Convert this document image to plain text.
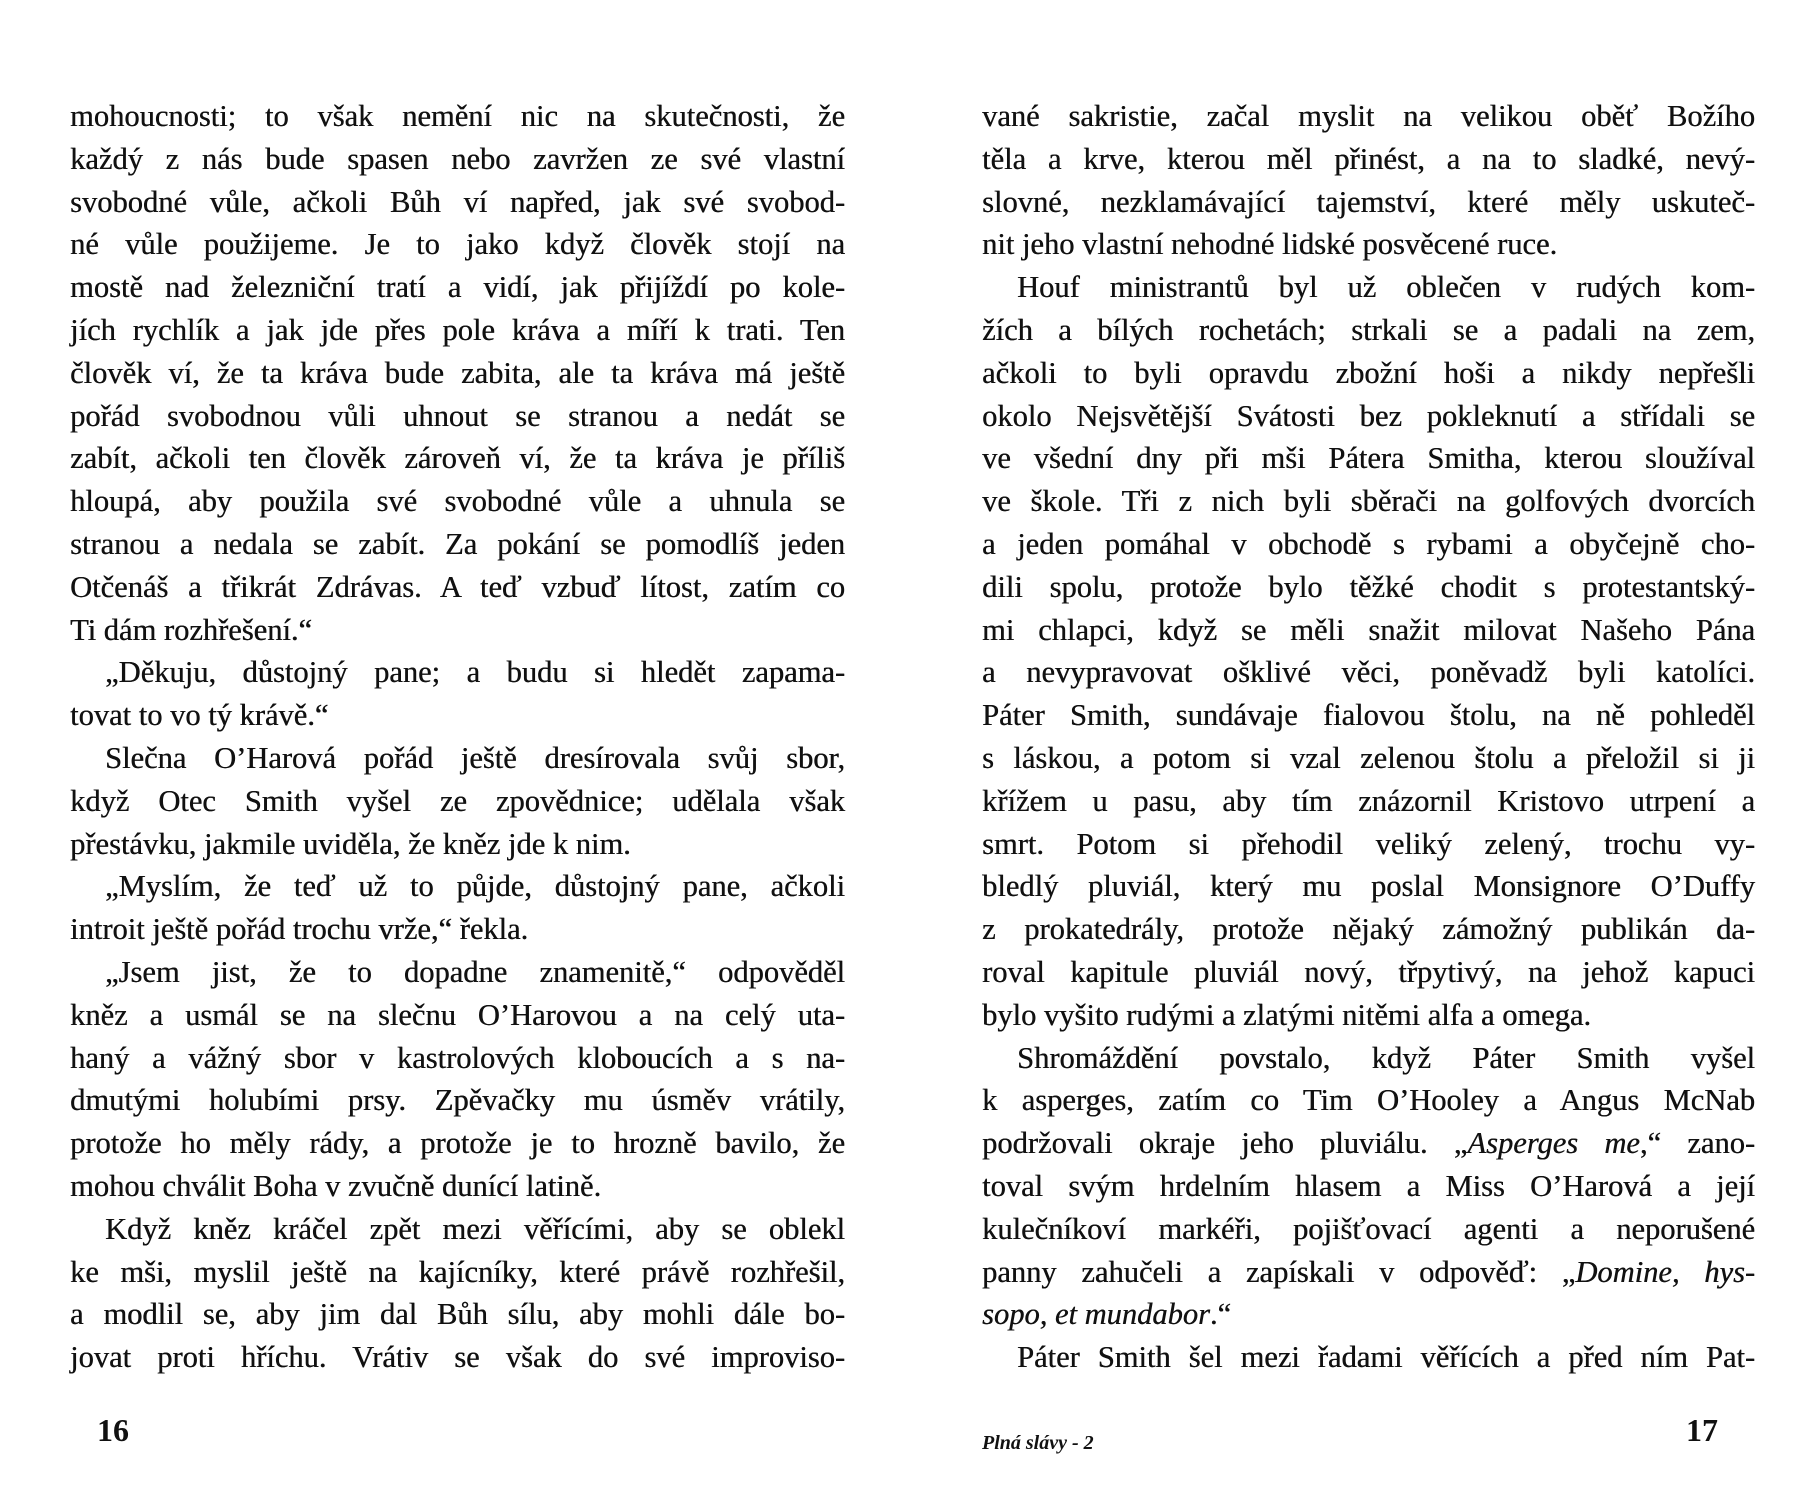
mohoucnosti; to však nemění nic na skutečnosti, že
každý z nás bude spasen nebo zavržen ze své vlastní
svobodné vůle, ačkoli Bůh ví napřed, jak své svobod-
né vůle použijeme. Je to jako když člověk stojí na
mostě nad železniční tratí a vidí, jak přijíždí po kole-
jích rychlík a jak jde přes pole kráva a míří k trati. Ten
člověk ví, že ta kráva bude zabita, ale ta kráva má ještě
pořád svobodnou vůli uhnout se stranou a nedát se
zabít, ačkoli ten člověk zároveň ví, že ta kráva je příliš
hloupá, aby použila své svobodné vůle a uhnula se
stranou a nedala se zabít. Za pokání se pomodlíš jeden
Otčenáš a třikrát Zdrávas. A teď vzbuď lítost, zatím co
Ti dám rozhřešení.“
„Děkuju, důstojný pane; a budu si hledět zapama-
tovat to vo tý krávě.“
Slečna O’Harová pořád ještě dresírovala svůj sbor,
když Otec Smith vyšel ze zpovědnice; udělala však
přestávku, jakmile uviděla, že kněz jde k nim.
„Myslím, že teď už to půjde, důstojný pane, ačkoli
introit ještě pořád trochu vrže,“ řekla.
„Jsem jist, že to dopadne znamenitě,“ odpověděl
kněz a usmál se na slečnu O’Harovou a na celý uta-
haný a vážný sbor v kastrolových kloboucích a s na-
dmutými holubími prsy. Zpěvačky mu úsměv vrátily,
protože ho měly rády, a protože je to hrozně bavilo, že
mohou chválit Boha v zvučně dunící latině.
Když kněz kráčel zpět mezi věřícími, aby se oblekl
ke mši, myslil ještě na kajícníky, které právě rozhřešil,
a modlil se, aby jim dal Bůh sílu, aby mohli dále bo-
jovat proti hříchu. Vrátiv se však do své improviso-
vané sakristie, začal myslit na velikou oběť Božího
těla a krve, kterou měl přinést, a na to sladké, nevý-
slovné, nezklamávající tajemství, které měly uskuteč-
nit jeho vlastní nehodné lidské posvěcené ruce.
Houf ministrantů byl už oblečen v rudých kom-
žích a bílých rochetách; strkali se a padali na zem,
ačkoli to byli opravdu zbožní hoši a nikdy nepřešli
okolo Nejsvětější Svátosti bez pokleknutí a střídali se
ve všední dny při mši Pátera Smitha, kterou sloužíval
ve škole. Tři z nich byli sběrači na golfových dvorcích
a jeden pomáhal v obchodě s rybami a obyčejně cho-
dili spolu, protože bylo těžké chodit s protestantský-
mi chlapci, když se měli snažit milovat Našeho Pána
a nevypravovat ošklivé věci, poněvadž byli katolíci.
Páter Smith, sundávaje fialovou štolu, na ně pohleděl
s láskou, a potom si vzal zelenou štolu a přeložil si ji
křížem u pasu, aby tím znázornil Kristovo utrpení a
smrt. Potom si přehodil veliký zelený, trochu vy-
bledlý pluviál, který mu poslal Monsignore O’Duffy
z prokatedrály, protože nějaký zámožný publikán da-
roval kapitule pluviál nový, třpytivý, na jehož kapuci
bylo vyšito rudými a zlatými nitěmi alfa a omega.
Shromáždění povstalo, když Páter Smith vyšel
k asperges, zatím co Tim O’Hooley a Angus McNab
podržovali okraje jeho pluviálu. „Asperges me,“ zano-
toval svým hrdelním hlasem a Miss O’Harová a její
kulečníkoví markéři, pojišťovací agenti a neporušené
panny zahučeli a zapískali v odpověď: „Domine, hys-
sopo, et mundabor.“
Páter Smith šel mezi řadami věřících a před ním Pat-
16	Plná slávy - 2	17
